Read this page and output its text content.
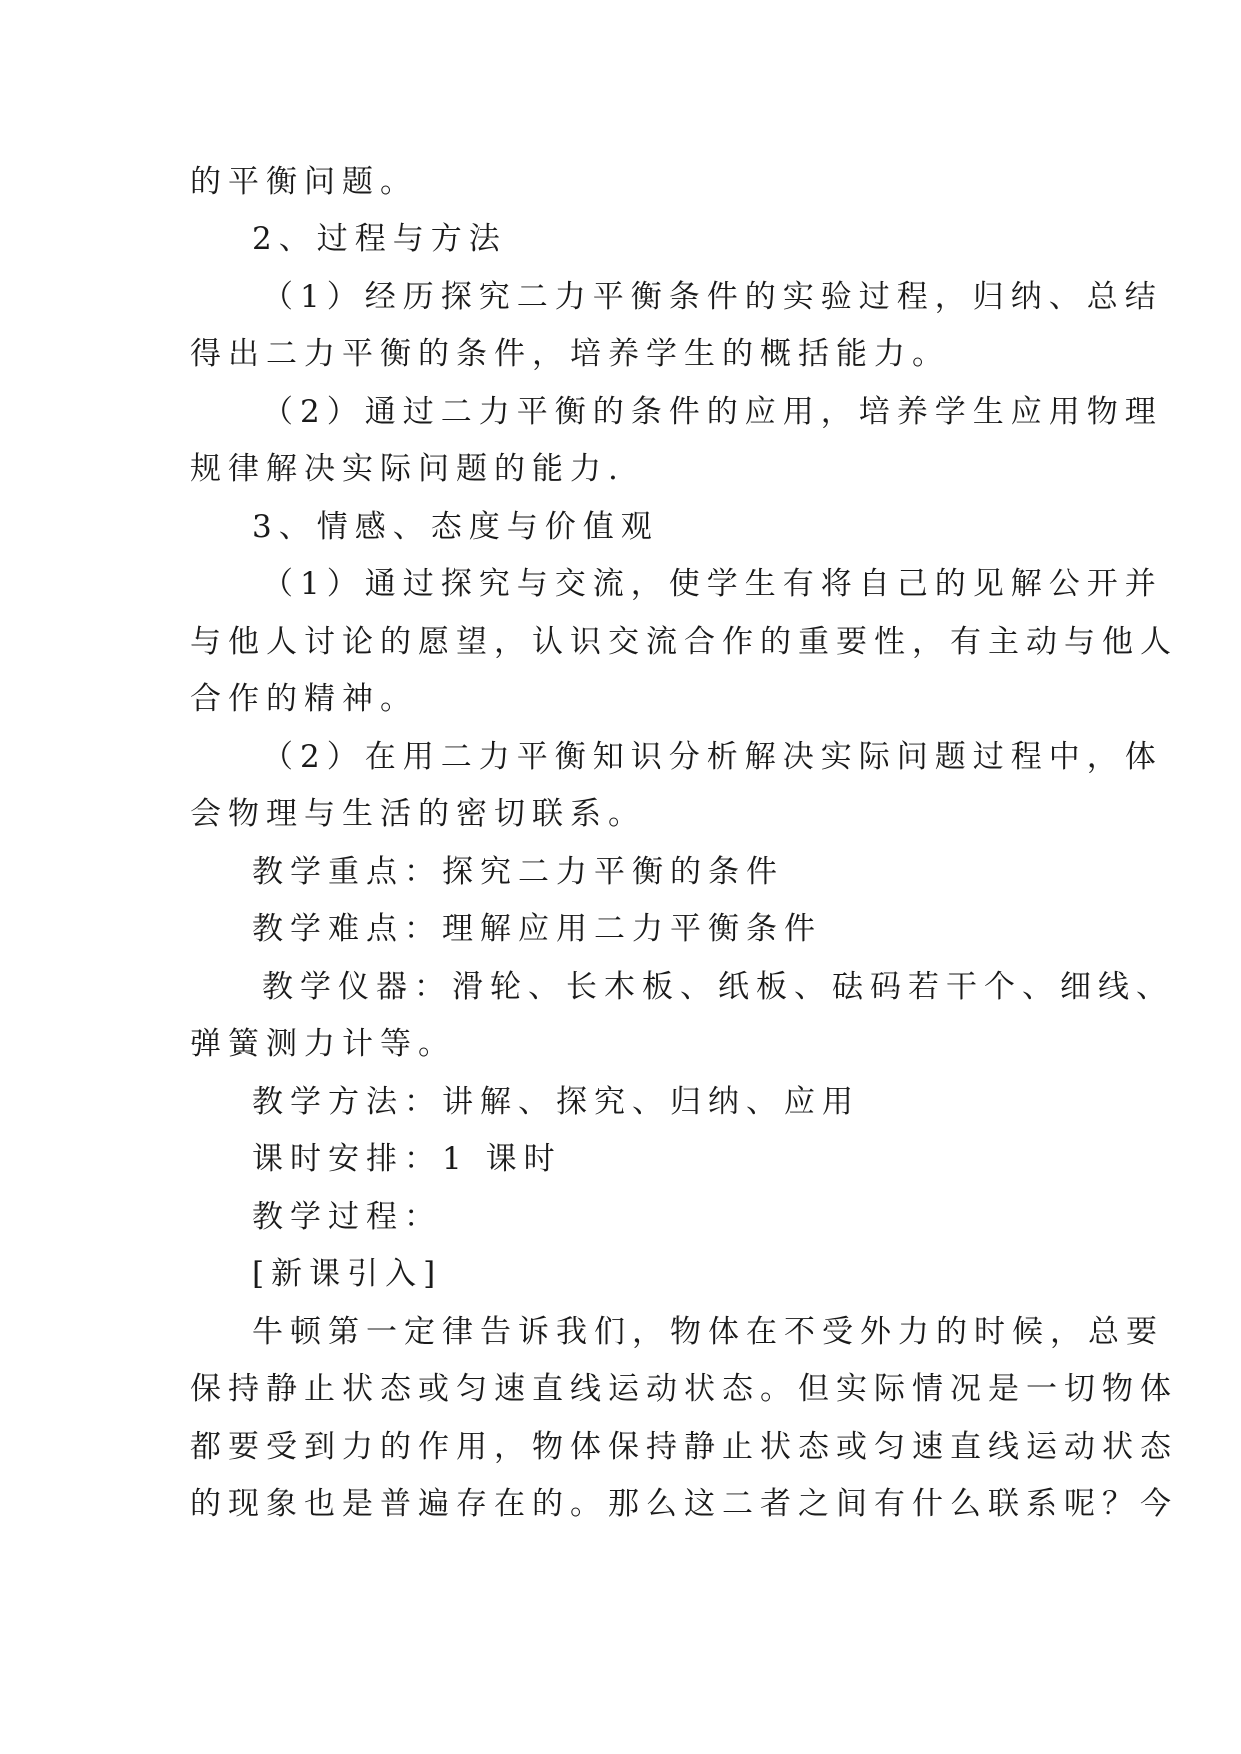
的平衡问题。
2、过程与方法
（1）经历探究二力平衡条件的实验过程，归纳、总结
得出二力平衡的条件，培养学生的概括能力。
（2）通过二力平衡的条件的应用，培养学生应用物理
规律解决实际问题的能力.
3、情感、态度与价值观
（1）通过探究与交流，使学生有将自己的见解公开并
与他人讨论的愿望，认识交流合作的重要性，有主动与他人
合作的精神。
（2）在用二力平衡知识分析解决实际问题过程中，体
会物理与生活的密切联系。
教学重点：探究二力平衡的条件
教学难点：理解应用二力平衡条件
教学仪器：滑轮、长木板、纸板、砝码若干个、细线、
弹簧测力计等。
教学方法：讲解、探究、归纳、应用
课时安排：1 课时
教学过程：
[新课引入]
牛顿第一定律告诉我们，物体在不受外力的时候，总要
保持静止状态或匀速直线运动状态。但实际情况是一切物体
都要受到力的作用，物体保持静止状态或匀速直线运动状态
的现象也是普遍存在的。那么这二者之间有什么联系呢？今
